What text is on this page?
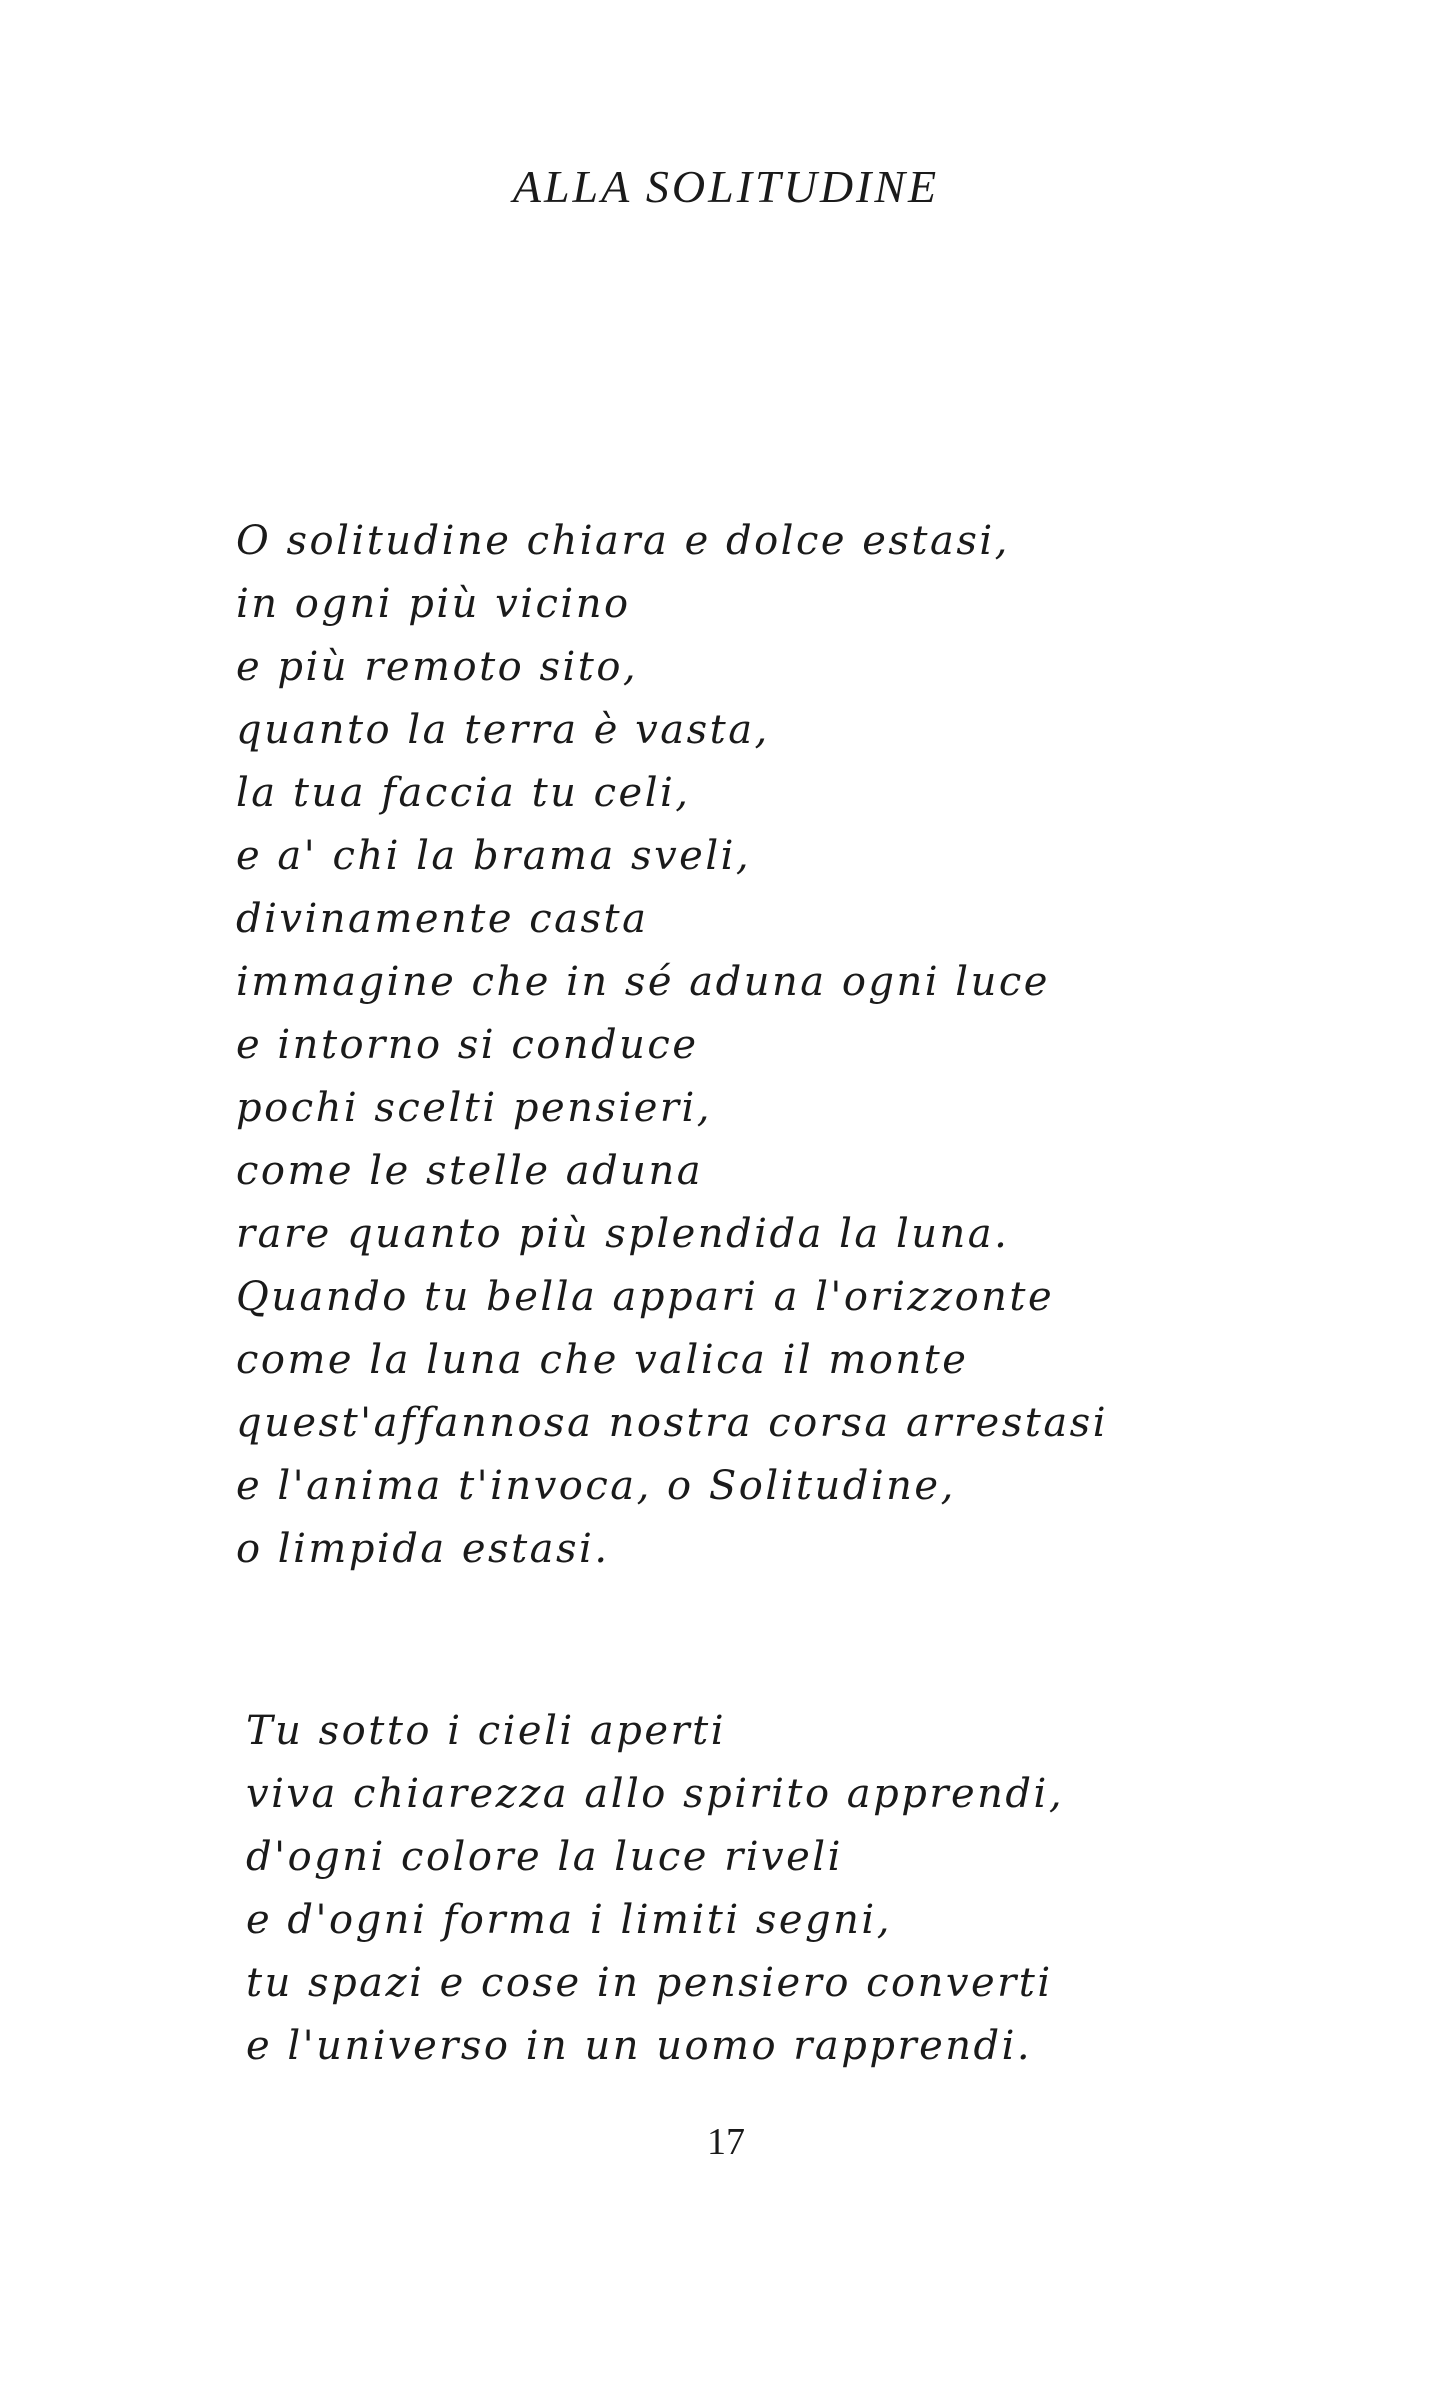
ALLA SOLITUDINE
O solitudine chiara e dolce estasi,
in ogni più vicino
e più remoto sito,
quanto la terra è vasta,
la tua faccia tu celi,
e a' chi la brama sveli,
divinamente casta
immagine che in sé aduna ogni luce
e intorno si conduce
pochi scelti pensieri,
come le stelle aduna
rare quanto più splendida la luna.
Quando tu bella appari a l'orizzonte
come la luna che valica il monte
quest'affannosa nostra corsa arrestasi
e l'anima t'invoca, o Solitudine,
o limpida estasi.
Tu sotto i cieli aperti
viva chiarezza allo spirito apprendi,
d'ogni colore la luce riveli
e d'ogni forma i limiti segni,
tu spazi e cose in pensiero converti
e l'universo in un uomo rapprendi.
17
